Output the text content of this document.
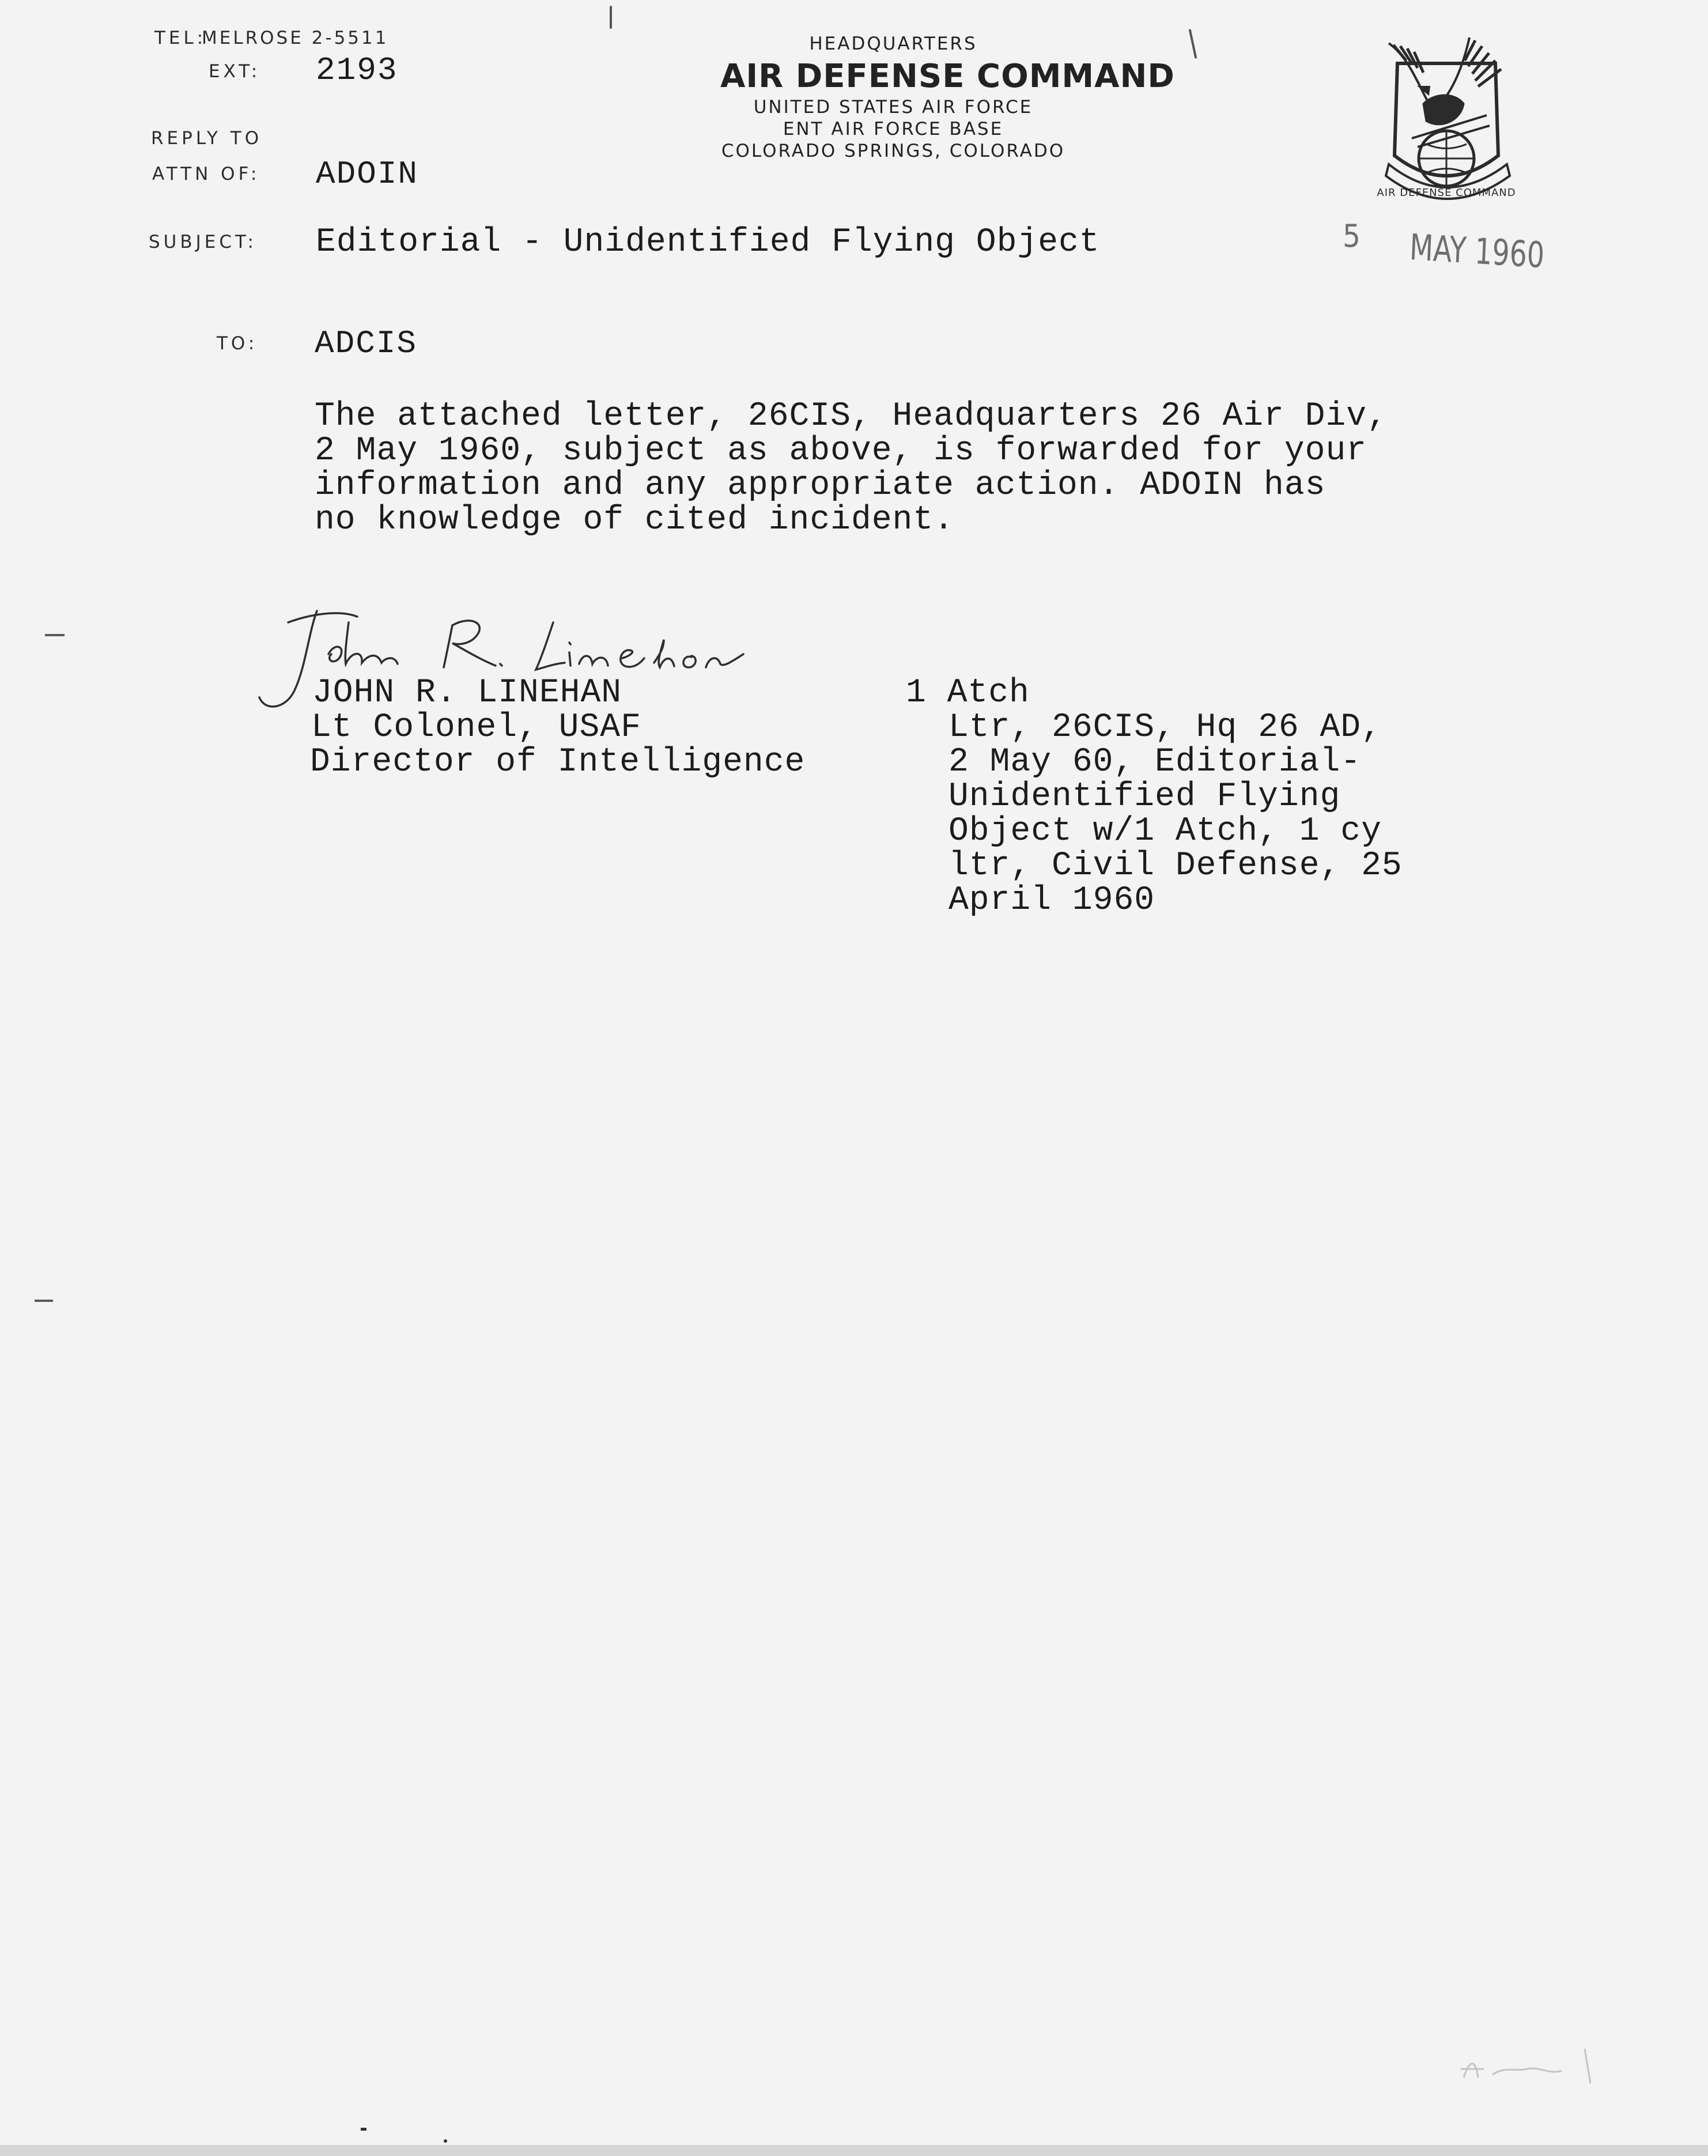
TEL:
MELROSE 2-5511
EXT: 2193
REPLY TO
ATTN OF: ADOIN
SUBJECT: Editorial - Unidentified Flying Object
TO: ADCIS
HEADQUARTERS
AIR DEFENSE COMMAND
UNITED STATES AIR FORCE
ENT AIR FORCE BASE
COLORADO SPRINGS, COLORADO
AIR DEFENSE COMMAND
5 MAY 1960
The attached letter, 26CIS, Headquarters 26 Air Div,
2 May 1960, subject as above, is forwarded for your
information and any appropriate action. ADOIN has
no knowledge of cited incident.
JOHN R. LINEHAN
Lt Colonel, USAF
Director of Intelligence
1 Atch
Ltr, 26CIS, Hq 26 AD,
2 May 60, Editorial-
Unidentified Flying
Object w/1 Atch, 1 cy
ltr, Civil Defense, 25
April 1960
